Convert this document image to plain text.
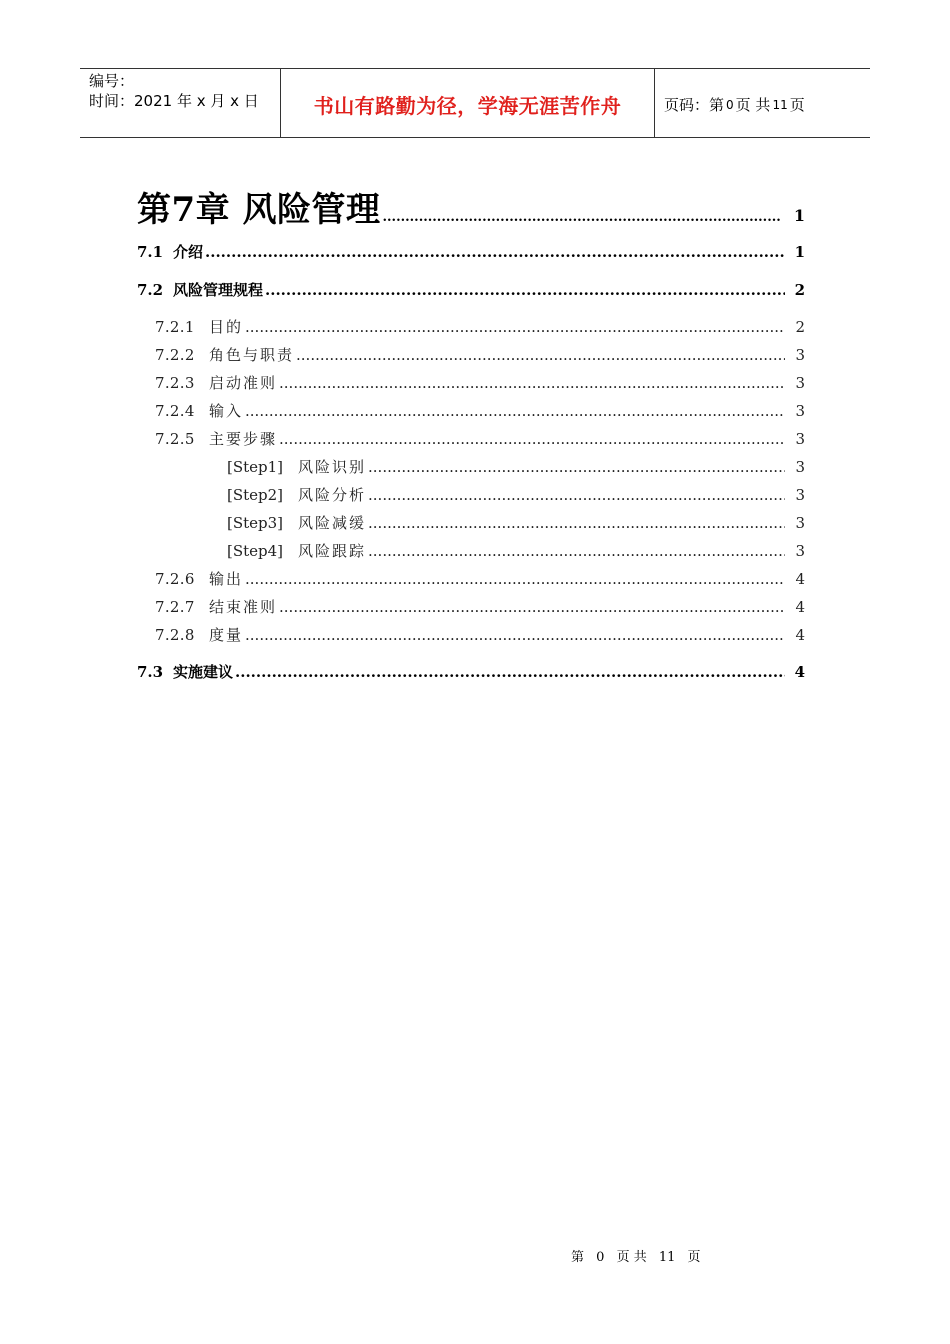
编号：
时间：2021 年 x 月 x 日	书山有路勤为径，学海无涯苦作舟	页码：第 0 页 共 11 页
第7章 风险管理 .....	1
7.1 介绍 .....	1
7.2 风险管理规程 .....	2
7.2.1 目的 .....	2
7.2.2 角色与职责 .....	3
7.2.3 启动准则 .....	3
7.2.4 输入 .....	3
7.2.5 主要步骤 .....	3
[Step1] 风险识别 .....	3
[Step2] 风险分析 .....	3
[Step3] 风险减缓 .....	3
[Step4] 风险跟踪 .....	3
7.2.6 输出 .....	4
7.2.7 结束准则 .....	4
7.2.8 度量 .....	4
7.3 实施建议 .....	4
第 0 页 共 11 页
